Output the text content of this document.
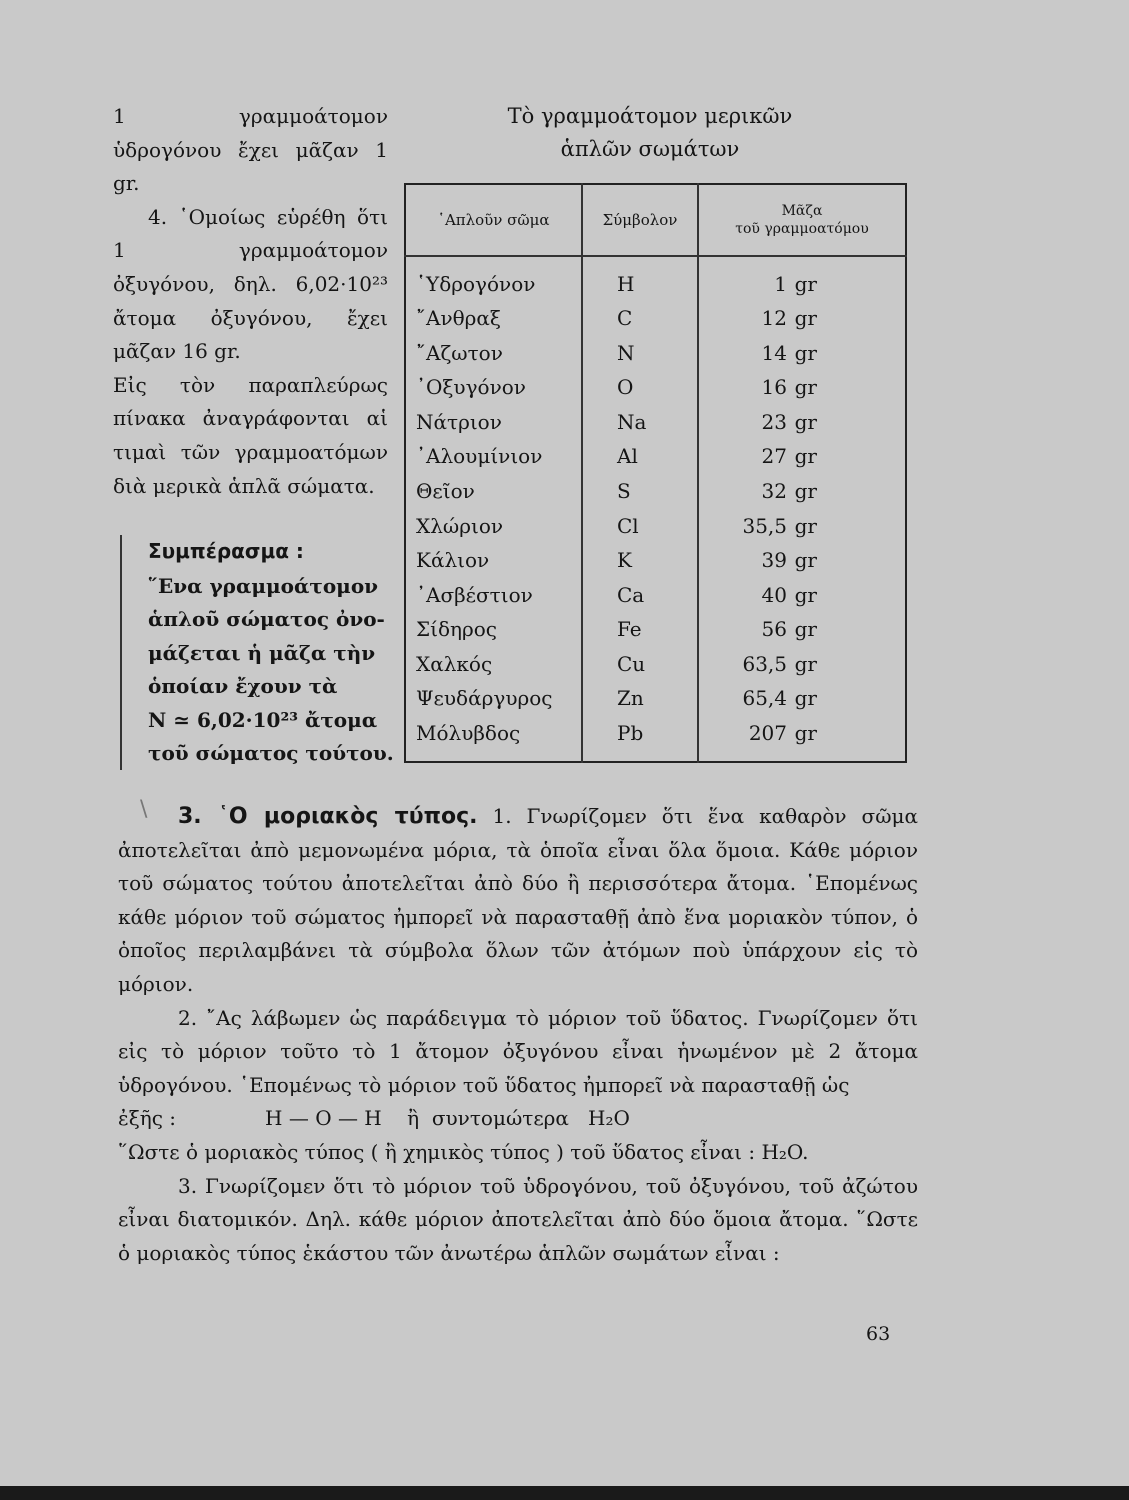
1 γραμμοάτομον ὑδρογόνου ἔχει μᾶζαν 1 gr.

4. ῾Ομοίως εὑρέθη ὅτι 1 γραμμοάτομον ὀξυγόνου, δηλ. 6,02·10²³ ἄτομα ὀξυγόνου, ἔχει μᾶζαν 16 gr.

Εἰς τὸν παραπλεύρως πίνακα ἀναγράφονται αἱ τιμαὶ τῶν γραμμοατόμων διὰ μερικὰ ἁπλᾶ σώματα.

Συμπέρασμα :

῞Ενα γραμμοάτομον
ἁπλοῦ σώματος ὀνο-
μάζεται ἡ μᾶζα τὴν
ὁποίαν ἔχουν τὰ
N ≃ 6,02·10²³ ἄτομα
τοῦ σώματος τούτου.

Τὸ γραμμοάτομον μερικῶν
ἁπλῶν σωμάτων
῾Απλοῦν σῶμα	Σύμβολον	Μᾶζα
τοῦ γραμμοατόμου

῾Υδρογόνον	H	1 gr
῎Ανθραξ	C	12 gr
῎Αζωτον	N	14 gr
᾿Οξυγόνον	O	16 gr
Νάτριον	Na	23 gr
᾿Αλουμίνιον	Al	27 gr
Θεῖον	S	32 gr
Χλώριον	Cl	35,5 gr
Κάλιον	K	39 gr
᾿Ασβέστιον	Ca	40 gr
Σίδηρος	Fe	56 gr
Χαλκός	Cu	63,5 gr
Ψευδάργυρος	Zn	65,4 gr
Μόλυβδος	Pb	207 gr

\	3. ῾Ο μοριακὸς τύπος. 1. Γνωρίζομεν ὅτι ἕνα καθαρὸν σῶμα ἀποτελεῖται ἀπὸ μεμονωμένα μόρια, τὰ ὁποῖα εἶναι ὅλα ὅμοια. Κάθε μόριον τοῦ σώματος τούτου ἀποτελεῖται ἀπὸ δύο ἢ περισσότερα ἄτομα. ῾Επομένως κάθε μόριον τοῦ σώματος ἠμπορεῖ νὰ παρασταθῇ ἀπὸ ἕνα μοριακὸν τύπον, ὁ ὁποῖος περιλαμβάνει τὰ σύμβολα ὅλων τῶν ἀτόμων ποὺ ὑπάρχουν εἰς τὸ μόριον.

2. ῎Ας λάβωμεν ὡς παράδειγμα τὸ μόριον τοῦ ὕδατος. Γνωρίζομεν ὅτι εἰς τὸ μόριον τοῦτο τὸ 1 ἄτομον ὀξυγόνου εἶναι ἡνωμένον μὲ 2 ἄτομα ὑδρογόνου. ῾Επομένως τὸ μόριον τοῦ ὕδατος ἠμπορεῖ νὰ παρασταθῇ ὡς

ἐξῆς :              H — O — H    ἢ  συντομώτερα   H₂O

῞Ωστε ὁ μοριακὸς τύπος ( ἢ χημικὸς τύπος ) τοῦ ὕδατος εἶναι : H₂O.

3. Γνωρίζομεν ὅτι τὸ μόριον τοῦ ὑδρογόνου, τοῦ ὀξυγόνου, τοῦ ἀζώτου εἶναι διατομικόν. Δηλ. κάθε μόριον ἀποτελεῖται ἀπὸ δύο ὅμοια ἄτομα. ῞Ωστε ὁ μοριακὸς τύπος ἑκάστου τῶν ἀνωτέρω ἁπλῶν σωμάτων εἶναι :

63
